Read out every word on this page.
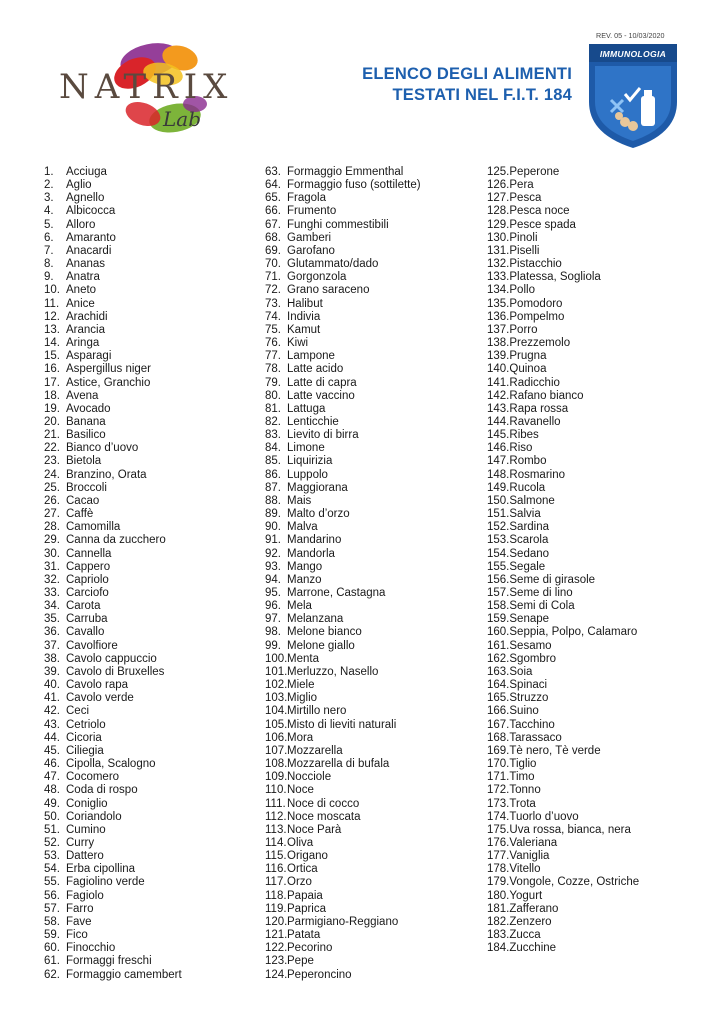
NATRIX
Lab
ELENCO DEGLI ALIMENTI
TESTATI NEL F.I.T. 184
REV. 05 - 10/03/2020
IMMUNOLOGIA
1. Acciuga
2. Aglio
3. Agnello
4. Albicocca
5. Alloro
6. Amaranto
7. Anacardi
8. Ananas
9. Anatra
10. Aneto
11. Anice
12. Arachidi
13. Arancia
14. Aringa
15. Asparagi
16. Aspergillus niger
17. Astice, Granchio
18. Avena
19. Avocado
20. Banana
21. Basilico
22. Bianco d’uovo
23. Bietola
24. Branzino, Orata
25. Broccoli
26. Cacao
27. Caffè
28. Camomilla
29. Canna da zucchero
30. Cannella
31. Cappero
32. Capriolo
33. Carciofo
34. Carota
35. Carruba
36. Cavallo
37. Cavolfiore
38. Cavolo cappuccio
39. Cavolo di Bruxelles
40. Cavolo rapa
41. Cavolo verde
42. Ceci
43. Cetriolo
44. Cicoria
45. Ciliegia
46. Cipolla, Scalogno
47. Cocomero
48. Coda di rospo
49. Coniglio
50. Coriandolo
51. Cumino
52. Curry
53. Dattero
54. Erba cipollina
55. Fagiolino verde
56. Fagiolo
57. Farro
58. Fave
59. Fico
60. Finocchio
61. Formaggi freschi
62. Formaggio camembert
63. Formaggio Emmenthal
64. Formaggio fuso (sottilette)
65. Fragola
66. Frumento
67. Funghi commestibili
68. Gamberi
69. Garofano
70. Glutammato/dado
71. Gorgonzola
72. Grano saraceno
73. Halibut
74. Indivia
75. Kamut
76. Kiwi
77. Lampone
78. Latte acido
79. Latte di capra
80. Latte vaccino
81. Lattuga
82. Lenticchie
83. Lievito di birra
84. Limone
85. Liquirizia
86. Luppolo
87. Maggiorana
88. Mais
89. Malto d’orzo
90. Malva
91. Mandarino
92. Mandorla
93. Mango
94. Manzo
95. Marrone, Castagna
96. Mela
97. Melanzana
98. Melone bianco
99. Melone giallo
100.Menta
101.Merluzzo, Nasello
102.Miele
103.Miglio
104.Mirtillo nero
105.Misto di lieviti naturali
106.Mora
107.Mozzarella
108.Mozzarella di bufala
109.Nocciole
110.Noce
111.Noce di cocco
112.Noce moscata
113.Noce Parà
114.Oliva
115.Origano
116.Ortica
117.Orzo
118.Papaia
119.Paprica
120.Parmigiano-Reggiano
121.Patata
122.Pecorino
123.Pepe
124.Peperoncino
125.Peperone
126.Pera
127.Pesca
128.Pesca noce
129.Pesce spada
130.Pinoli
131.Piselli
132.Pistacchio
133.Platessa, Sogliola
134.Pollo
135.Pomodoro
136.Pompelmo
137.Porro
138.Prezzemolo
139.Prugna
140.Quinoa
141.Radicchio
142.Rafano bianco
143.Rapa rossa
144.Ravanello
145.Ribes
146.Riso
147.Rombo
148.Rosmarino
149.Rucola
150.Salmone
151.Salvia
152.Sardina
153.Scarola
154.Sedano
155.Segale
156.Seme di girasole
157.Seme di lino
158.Semi di Cola
159.Senape
160.Seppia, Polpo, Calamaro
161.Sesamo
162.Sgombro
163.Soia
164.Spinaci
165.Struzzo
166.Suino
167.Tacchino
168.Tarassaco
169.Tè nero, Tè verde
170.Tiglio
171.Timo
172.Tonno
173.Trota
174.Tuorlo d’uovo
175.Uva rossa, bianca, nera
176.Valeriana
177.Vaniglia
178.Vitello
179.Vongole, Cozze, Ostriche
180.Yogurt
181.Zafferano
182.Zenzero
183.Zucca
184.Zucchine
